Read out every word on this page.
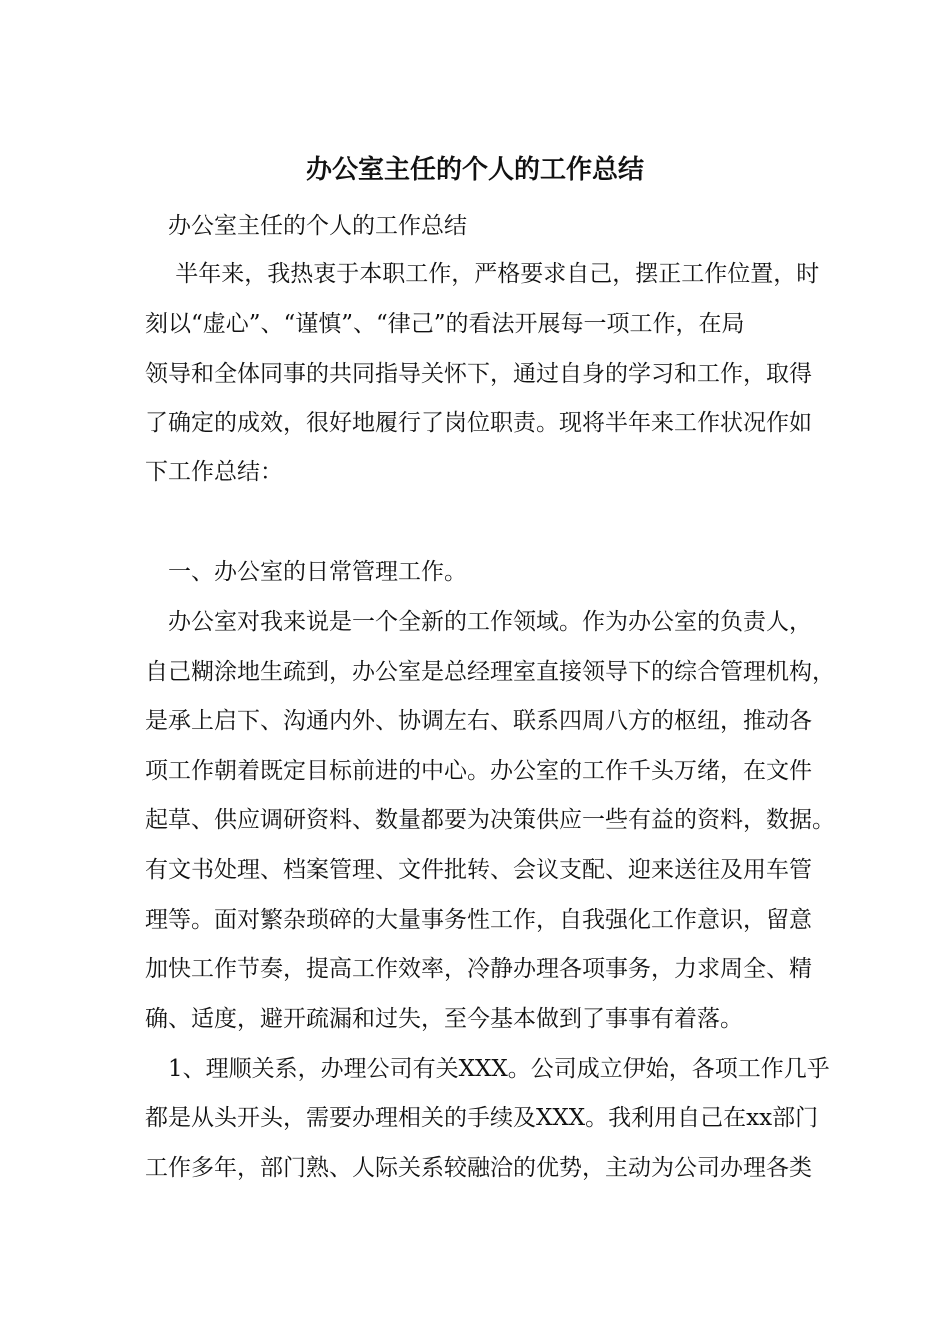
办公室主任的个人的工作总结
　办公室主任的个人的工作总结
　 半年来，我热衷于本职工作，严格要求自己，摆正工作位置，时
刻以“虚心”、“谨慎”、“律己”的看法开展每一项工作，在局
领导和全体同事的共同指导关怀下，通过自身的学习和工作，取得
了确定的成效，很好地履行了岗位职责。现将半年来工作状况作如
下工作总结：
　一、办公室的日常管理工作。
　办公室对我来说是一个全新的工作领域。作为办公室的负责人，
自己糊涂地生疏到，办公室是总经理室直接领导下的综合管理机构，
是承上启下、沟通内外、协调左右、联系四周八方的枢纽，推动各
项工作朝着既定目标前进的中心。办公室的工作千头万绪，在文件
起草、供应调研资料、数量都要为决策供应一些有益的资料，数据。
有文书处理、档案管理、文件批转、会议支配、迎来送往及用车管
理等。面对繁杂琐碎的大量事务性工作，自我强化工作意识，留意
加快工作节奏，提高工作效率，冷静办理各项事务，力求周全、精
确、适度，避开疏漏和过失，至今基本做到了事事有着落。
　1、理顺关系，办理公司有关XXX。公司成立伊始，各项工作几乎
都是从头开头，需要办理相关的手续及XXX。我利用自己在xx部门
工作多年，部门熟、人际关系较融洽的优势，主动为公司办理各类
